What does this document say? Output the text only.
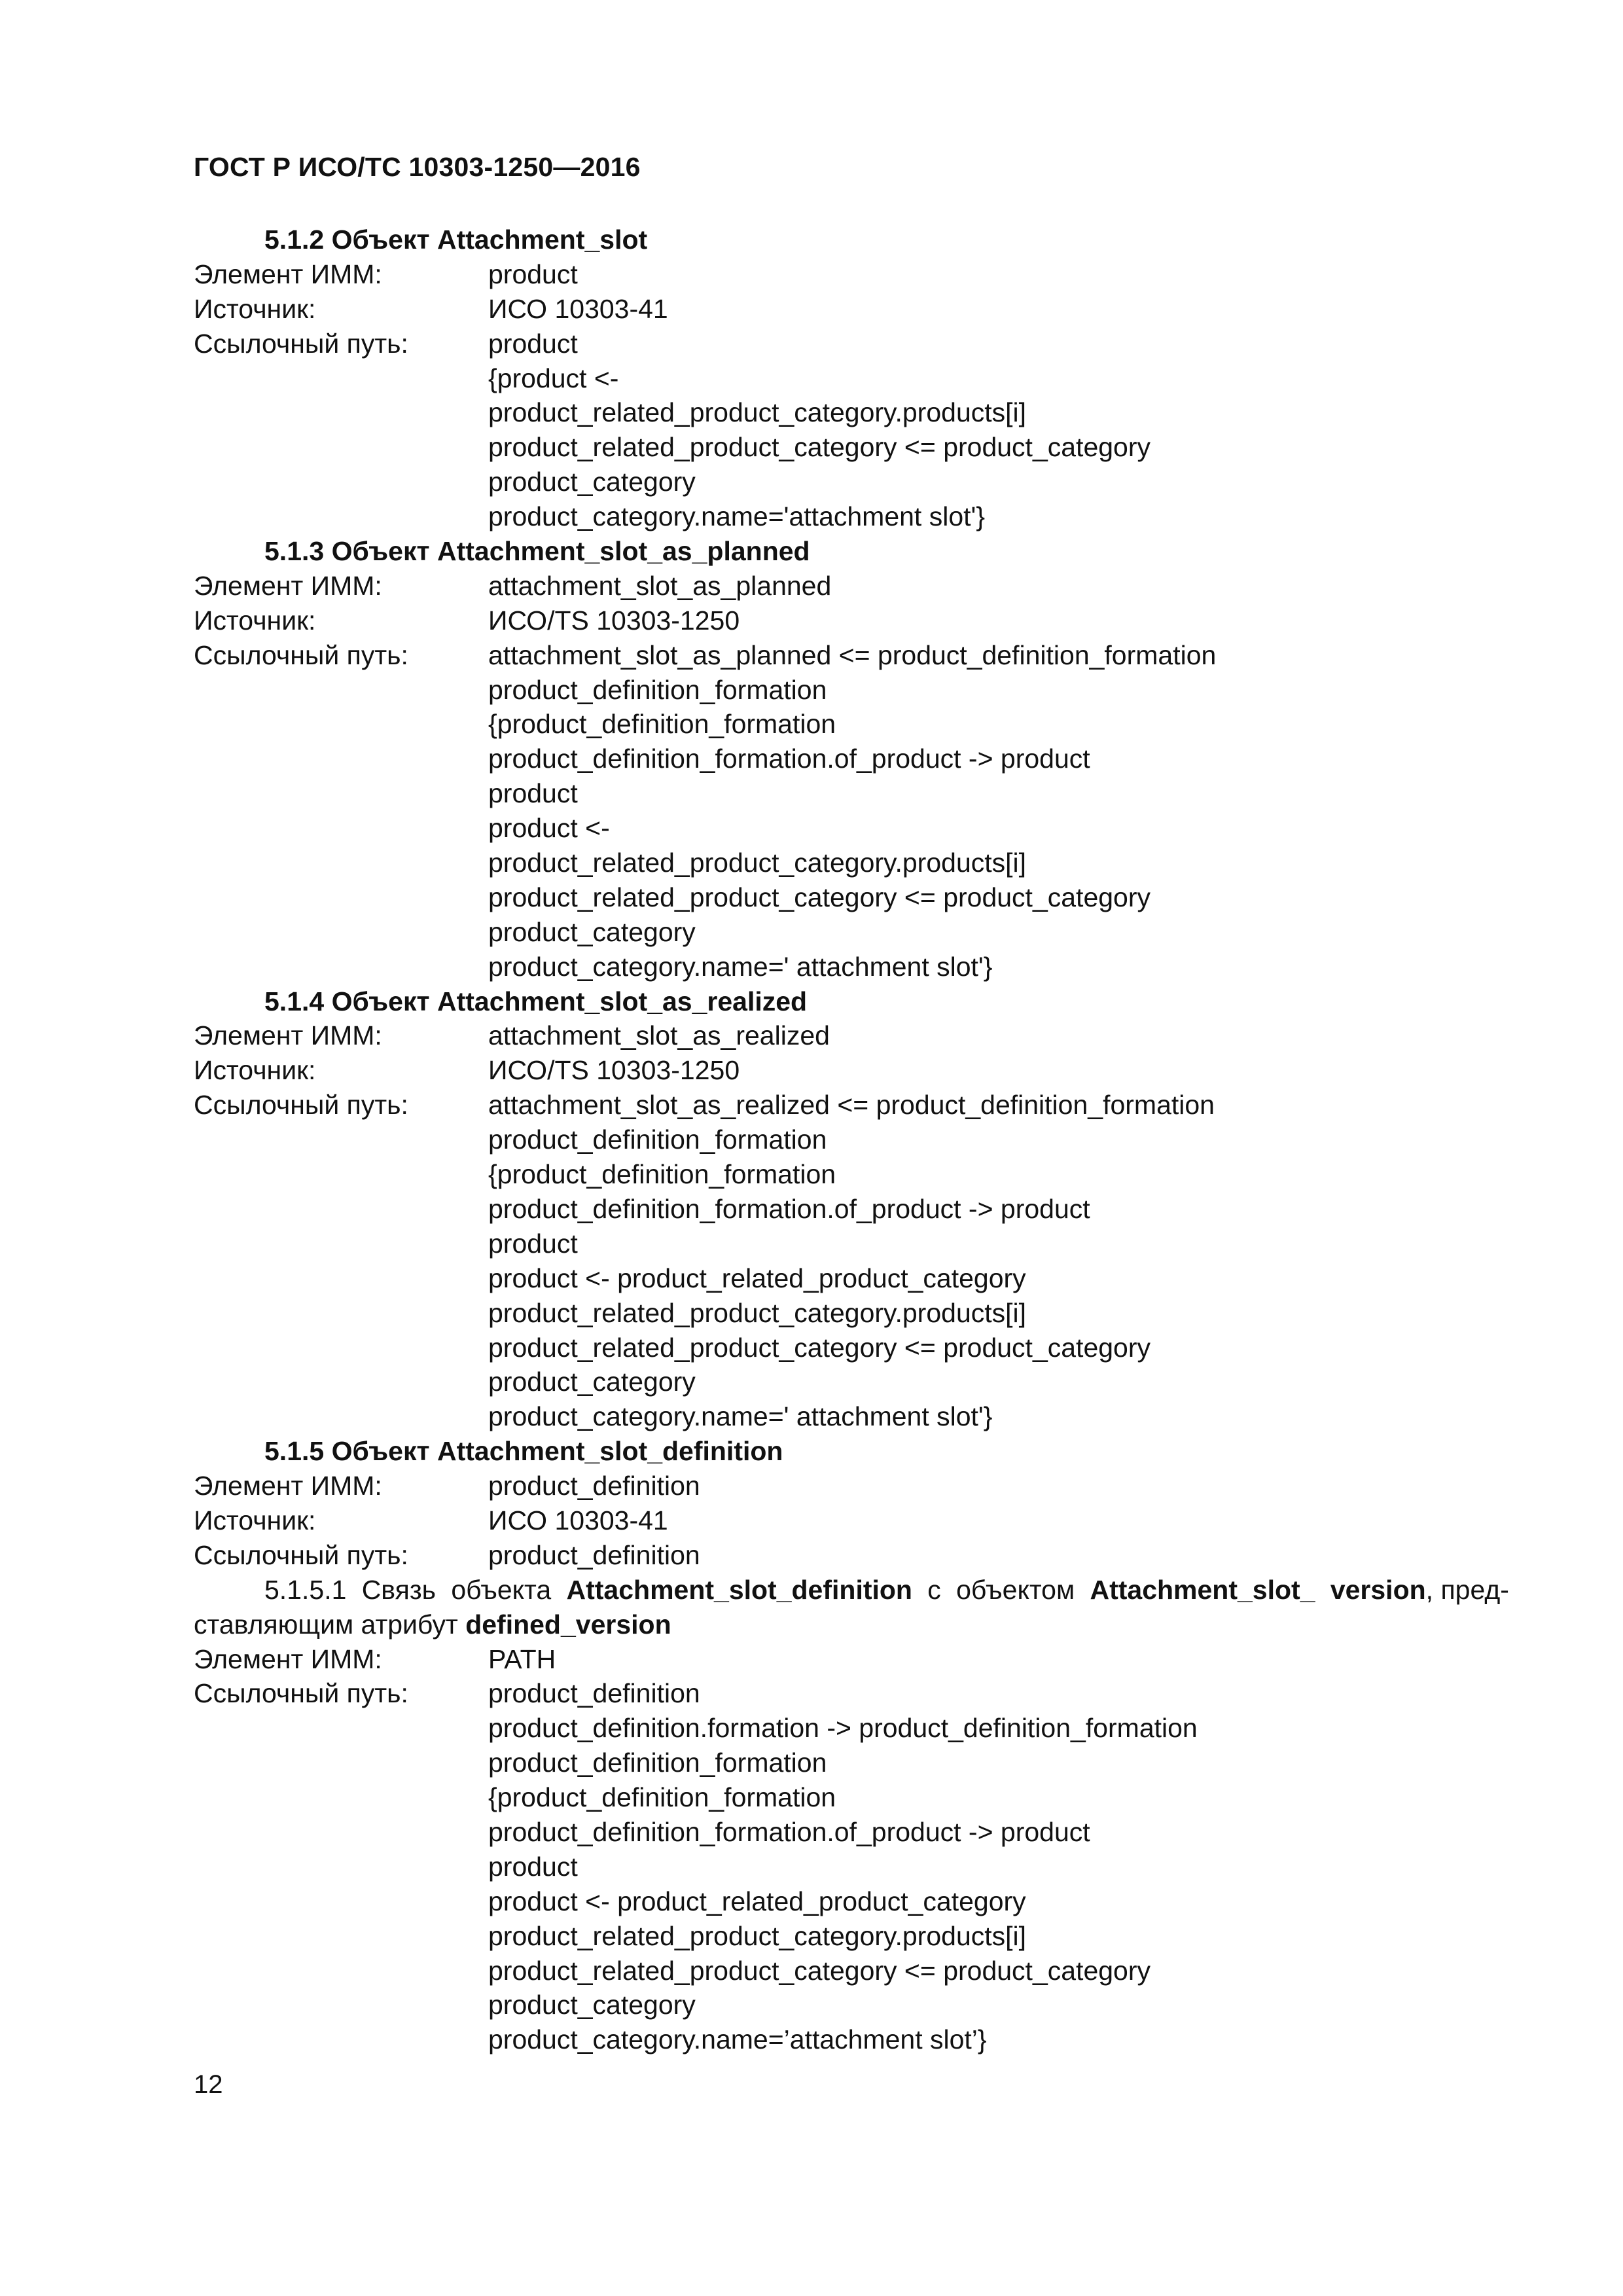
ГОСТ Р ИСО/ТС 10303-1250—2016
5.1.2 Объект Attachment_slot
Элемент ИММ:	product
Источник:	ИСО 10303-41
Ссылочный путь:	product
{product <-
product_related_product_category.products[i]
product_related_product_category <= product_category
product_category
product_category.name='attachment slot'}
5.1.3 Объект Attachment_slot_as_planned
Элемент ИММ:	attachment_slot_as_planned
Источник:	ИСО/TS 10303-1250
Ссылочный путь:	attachment_slot_as_planned <= product_definition_formation
product_definition_formation
{product_definition_formation
product_definition_formation.of_product -> product
product
product <-
product_related_product_category.products[i]
product_related_product_category <= product_category
product_category
product_category.name=' attachment slot'}
5.1.4 Объект Attachment_slot_as_realized
Элемент ИММ:	attachment_slot_as_realized
Источник:	ИСО/TS 10303-1250
Ссылочный путь:	attachment_slot_as_realized <= product_definition_formation
product_definition_formation
{product_definition_formation
product_definition_formation.of_product -> product
product
product <- product_related_product_category
product_related_product_category.products[i]
product_related_product_category <= product_category
product_category
product_category.name=' attachment slot'}
5.1.5 Объект Attachment_slot_definition
Элемент ИММ:	product_definition
Источник:	ИСО 10303-41
Ссылочный путь:	product_definition
5.1.5.1 Связь объекта Attachment_slot_definition с объектом Attachment_slot_ version, пред-
ставляющим атрибут defined_version
Элемент ИММ:	PATH
Ссылочный путь:	product_definition
product_definition.formation -> product_definition_formation
product_definition_formation
{product_definition_formation
product_definition_formation.of_product -> product
product
product <- product_related_product_category
product_related_product_category.products[i]
product_related_product_category <= product_category
product_category
product_category.name=’attachment slot’}
12
